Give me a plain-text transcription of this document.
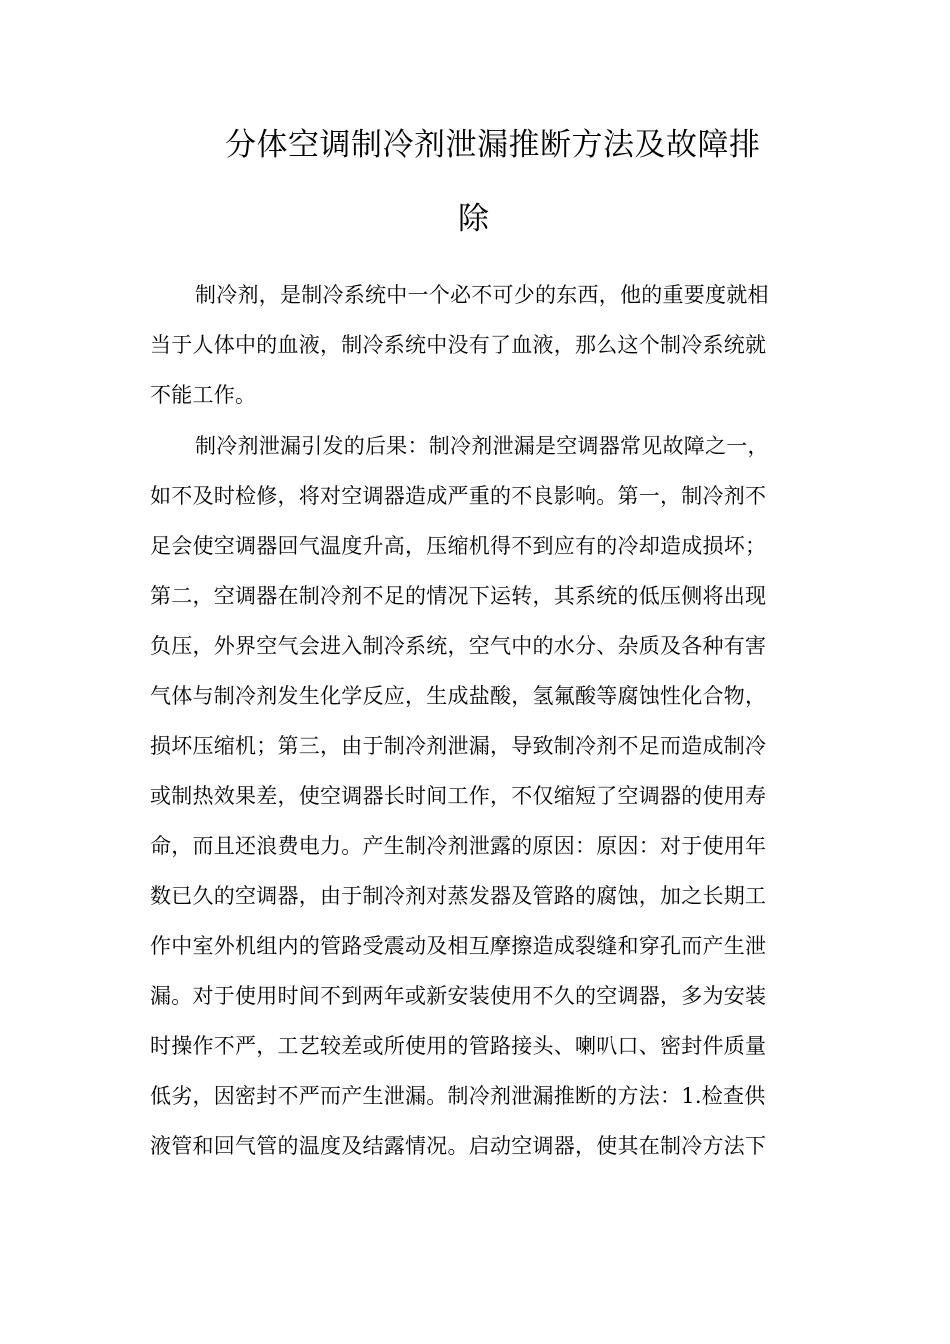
分体空调制冷剂泄漏推断方法及故障排
除
制冷剂，是制冷系统中一个必不可少的东西，他的重要度就相
当于人体中的血液，制冷系统中没有了血液，那么这个制冷系统就
不能工作。
制冷剂泄漏引发的后果：制冷剂泄漏是空调器常见故障之一，
如不及时检修，将对空调器造成严重的不良影响。第一，制冷剂不
足会使空调器回气温度升高，压缩机得不到应有的冷却造成损坏；
第二，空调器在制冷剂不足的情况下运转，其系统的低压侧将出现
负压，外界空气会进入制冷系统，空气中的水分、杂质及各种有害
气体与制冷剂发生化学反应，生成盐酸，氢氟酸等腐蚀性化合物，
损坏压缩机；第三，由于制冷剂泄漏，导致制冷剂不足而造成制冷
或制热效果差，使空调器长时间工作，不仅缩短了空调器的使用寿
命，而且还浪费电力。产生制冷剂泄露的原因：原因：对于使用年
数已久的空调器，由于制冷剂对蒸发器及管路的腐蚀，加之长期工
作中室外机组内的管路受震动及相互摩擦造成裂缝和穿孔而产生泄
漏。对于使用时间不到两年或新安装使用不久的空调器，多为安装
时操作不严，工艺较差或所使用的管路接头、喇叭口、密封件质量
低劣，因密封不严而产生泄漏。制冷剂泄漏推断的方法：1.检查供
液管和回气管的温度及结露情况。启动空调器，使其在制冷方法下
